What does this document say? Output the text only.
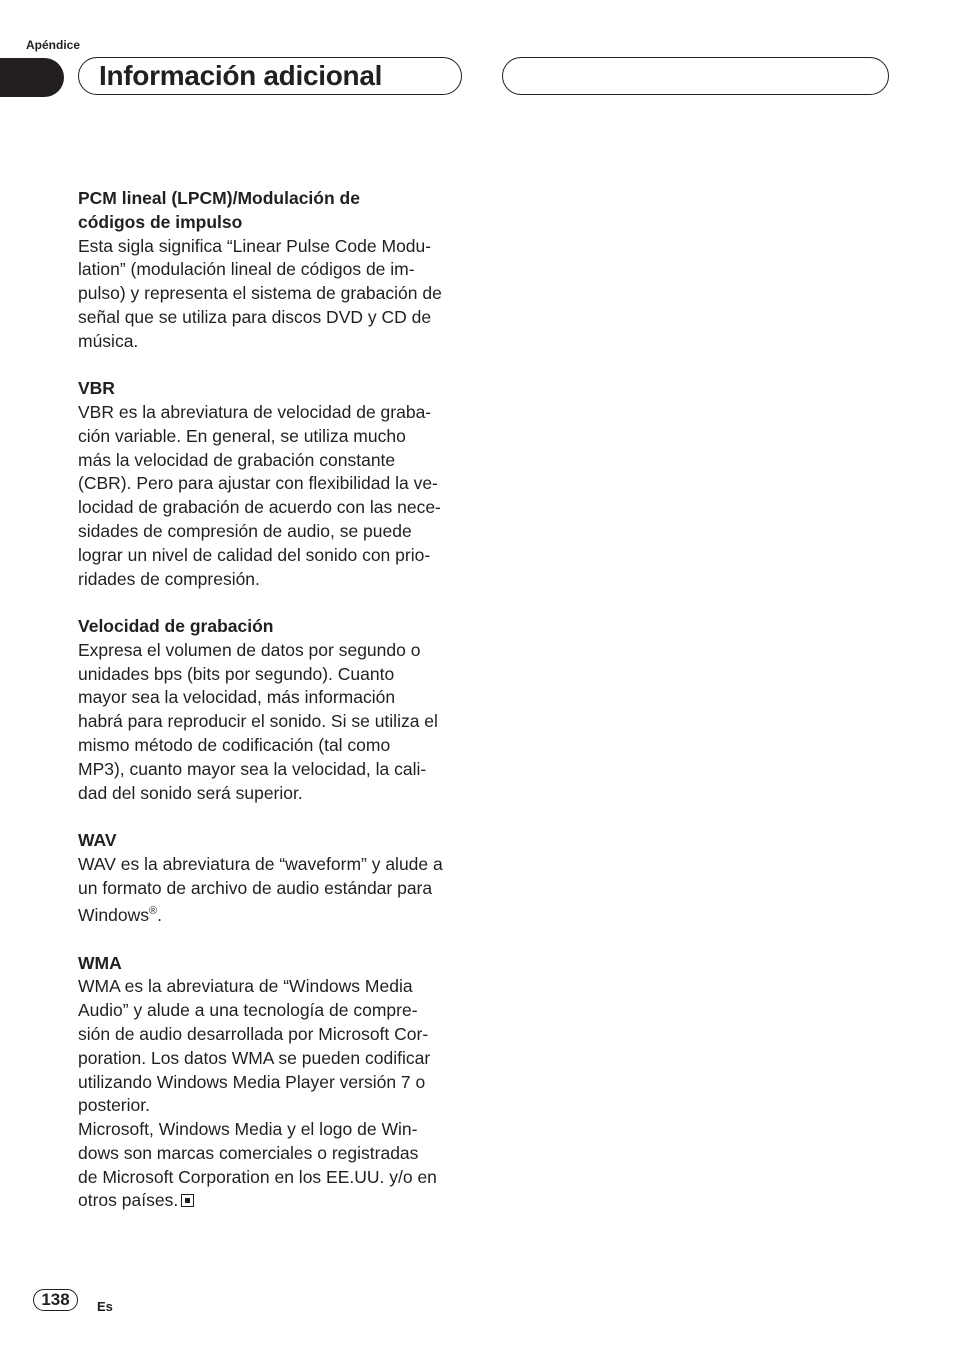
Apéndice
Información adicional
PCM lineal (LPCM)/Modulación de
códigos de impulso
Esta sigla significa “Linear Pulse Code Modu-
lation” (modulación lineal de códigos de im-
pulso) y representa el sistema de grabación de
señal que se utiliza para discos DVD y CD de
música.
VBR
VBR es la abreviatura de velocidad de graba-
ción variable. En general, se utiliza mucho
más la velocidad de grabación constante
(CBR). Pero para ajustar con flexibilidad la ve-
locidad de grabación de acuerdo con las nece-
sidades de compresión de audio, se puede
lograr un nivel de calidad del sonido con prio-
ridades de compresión.
Velocidad de grabación
Expresa el volumen de datos por segundo o
unidades bps (bits por segundo). Cuanto
mayor sea la velocidad, más información
habrá para reproducir el sonido. Si se utiliza el
mismo método de codificación (tal como
MP3), cuanto mayor sea la velocidad, la cali-
dad del sonido será superior.
WAV
WAV es la abreviatura de “waveform” y alude a
un formato de archivo de audio estándar para
Windows®.
WMA
WMA es la abreviatura de “Windows Media
Audio” y alude a una tecnología de compre-
sión de audio desarrollada por Microsoft Cor-
poration. Los datos WMA se pueden codificar
utilizando Windows Media Player versión 7 o
posterior.
Microsoft, Windows Media y el logo de Win-
dows son marcas comerciales o registradas
de Microsoft Corporation en los EE.UU. y/o en
otros países.
138	Es
